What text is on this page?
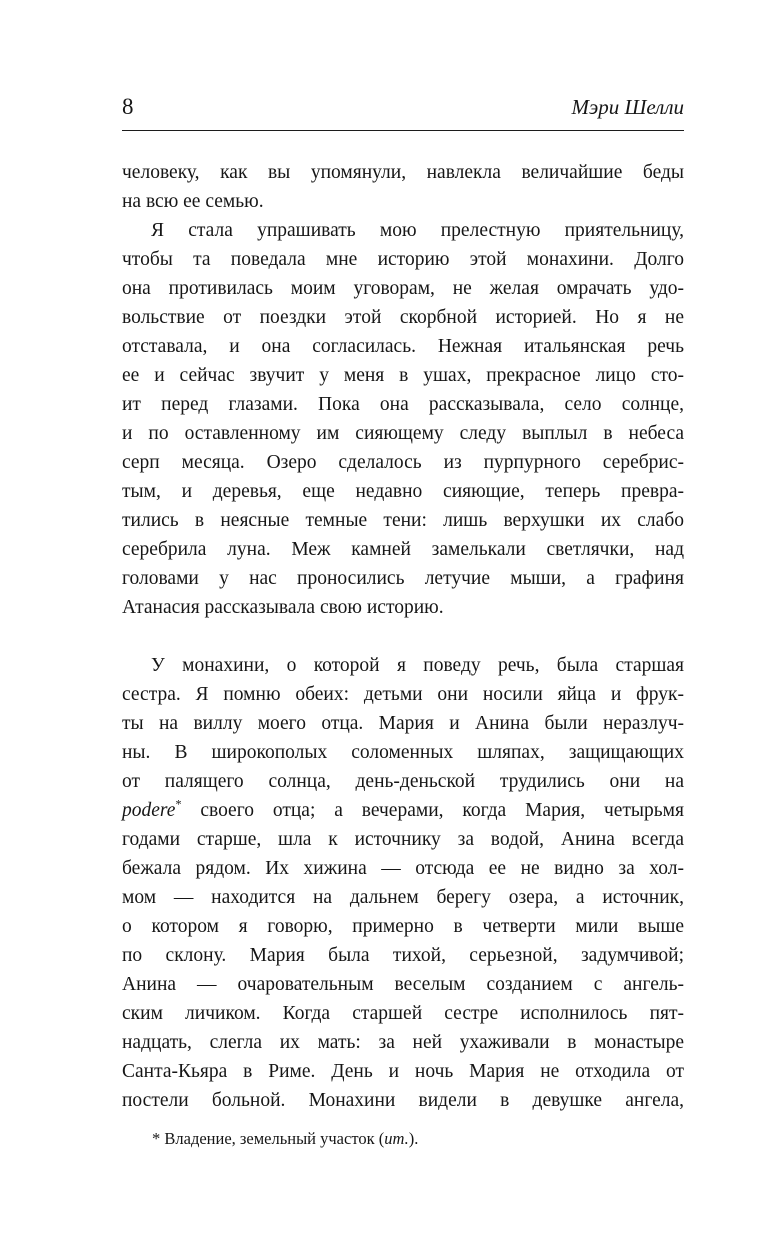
8	Мэри Шелли
человеку, как вы упомянули, навлекла величайшие беды
на всю ее семью.
Я стала упрашивать мою прелестную приятельницу,
чтобы та поведала мне историю этой монахини. Долго
она противилась моим уговорам, не желая омрачать удо-
вольствие от поездки этой скорбной историей. Но я не
отставала, и она согласилась. Нежная итальянская речь
ее и сейчас звучит у меня в ушах, прекрасное лицо сто-
ит перед глазами. Пока она рассказывала, село солнце,
и по оставленному им сияющему следу выплыл в небеса
серп месяца. Озеро сделалось из пурпурного серебрис-
тым, и деревья, еще недавно сияющие, теперь превра-
тились в неясные темные тени: лишь верхушки их слабо
серебрила луна. Меж камней замелькали светлячки, над
головами у нас проносились летучие мыши, а графиня
Атанасия рассказывала свою историю.
У монахини, о которой я поведу речь, была старшая
сестра. Я помню обеих: детьми они носили яйца и фрук-
ты на виллу моего отца. Мария и Анина были неразлуч-
ны. В широкополых соломенных шляпах, защищающих
от палящего солнца, день-деньской трудились они на
podere* своего отца; а вечерами, когда Мария, четырьмя
годами старше, шла к источнику за водой, Анина всегда
бежала рядом. Их хижина — отсюда ее не видно за хол-
мом — находится на дальнем берегу озера, а источник,
о котором я говорю, примерно в четверти мили выше
по склону. Мария была тихой, серьезной, задумчивой;
Анина — очаровательным веселым созданием с ангель-
ским личиком. Когда старшей сестре исполнилось пят-
надцать, слегла их мать: за ней ухаживали в монастыре
Санта-Кьяра в Риме. День и ночь Мария не отходила от
постели больной. Монахини видели в девушке ангела,
* Владение, земельный участок (ит.).
